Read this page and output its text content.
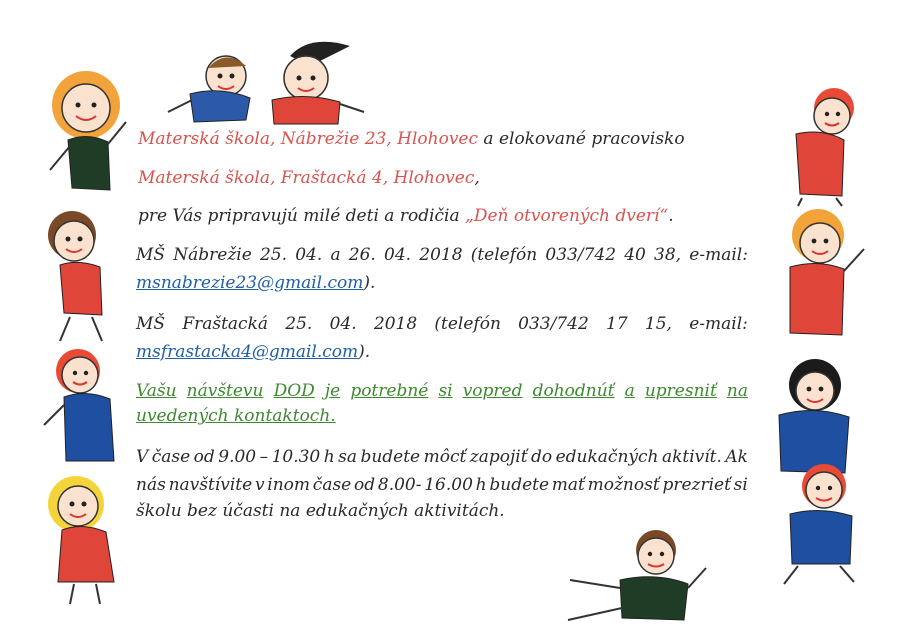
Materská škola, Nábrežie 23, Hlohovec a elokované pracovisko
Materská škola, Fraštacká 4, Hlohovec,
pre Vás pripravujú milé deti a rodičia „Deň otvorených dverí“.
MŠ Nábrežie 25. 04. a 26. 04. 2018 (telefón 033/742 40 38, e-mail:
msnabrezie23@gmail.com).
MŠ Fraštacká 25. 04. 2018 (telefón 033/742 17 15, e-mail:
msfrastacka4@gmail.com).
Vašu návštevu DOD je potrebné si vopred dohodnúť a upresniť na
uvedených kontaktoch.
V čase od 9.00 – 10.30 h sa budete môcť zapojiť do edukačných aktivít. Ak
nás navštívite v inom čase od 8.00- 16.00 h budete mať možnosť prezrieť si
školu bez účasti na edukačných aktivitách.
